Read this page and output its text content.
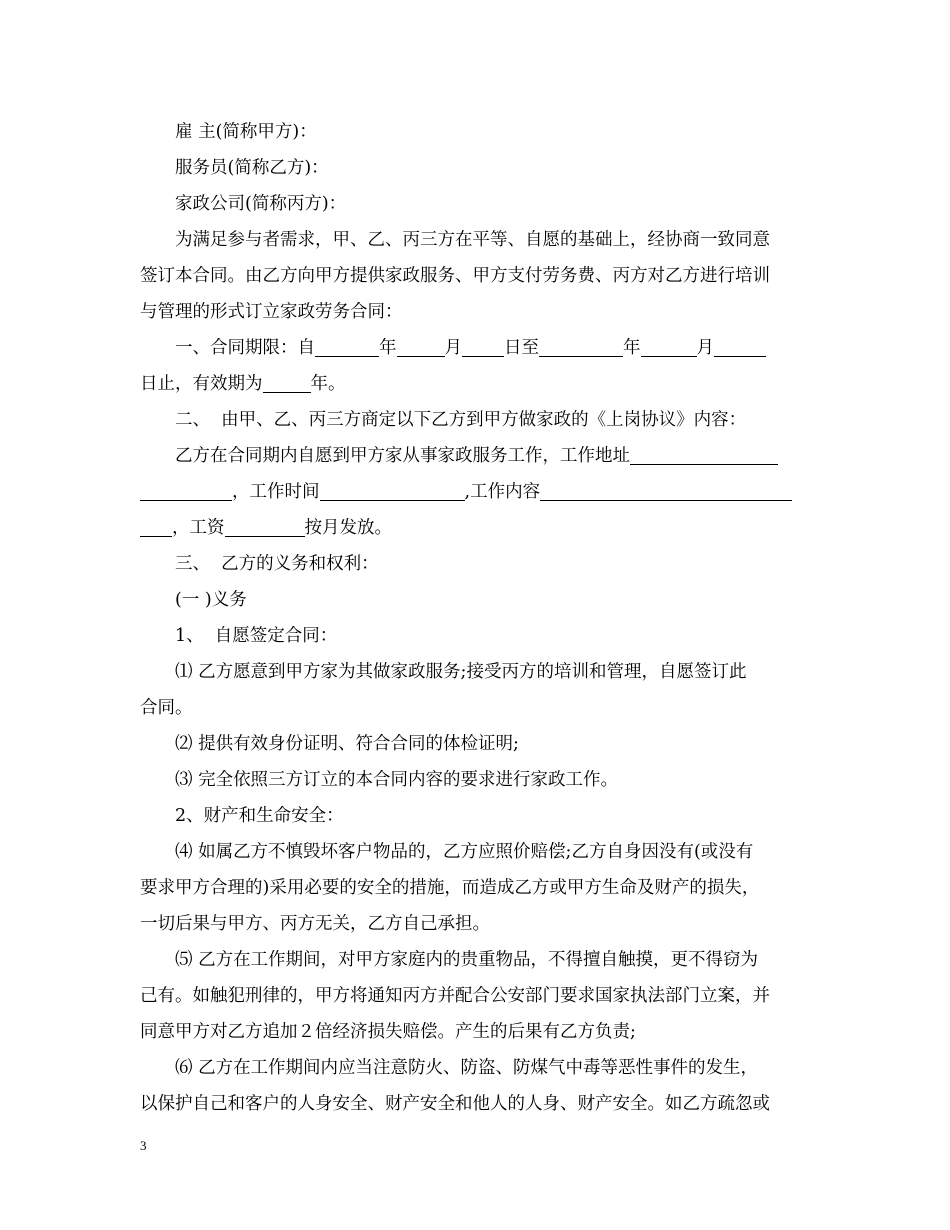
雇 主(简称甲方)：
服务员(简称乙方)：
家政公司(简称丙方)：
为满足参与者需求，甲、乙、丙三方在平等、自愿的基础上，经协商一致同意
签订本合同。由乙方向甲方提供家政服务、甲方支付劳务费、丙方对乙方进行培训
与管理的形式订立家政劳务合同：
一、合同期限：自	年	月 日至	年	月
日止，有效期为	年。
二、  由甲、乙、丙三方商定以下乙方到甲方做家政的《上岗协议》内容：
乙方在合同期内自愿到甲方家从事家政服务工作，工作地址
，工作时间	,工作内容
，工资	按月发放。
三、  乙方的义务和权利：
(一 )义务
1、  自愿签定合同：
⑴ 乙方愿意到甲方家为其做家政服务;接受丙方的培训和管理，自愿签订此
合同。
⑵ 提供有效身份证明、符合合同的体检证明;
⑶ 完全依照三方订立的本合同内容的要求进行家政工作。
2、财产和生命安全：
⑷ 如属乙方不慎毁坏客户物品的，乙方应照价赔偿;乙方自身因没有(或没有
要求甲方合理的)采用必要的安全的措施，而造成乙方或甲方生命及财产的损失，
一切后果与甲方、丙方无关，乙方自己承担。
⑸ 乙方在工作期间，对甲方家庭内的贵重物品，不得擅自触摸，更不得窃为
己有。如触犯刑律的，甲方将通知丙方并配合公安部门要求国家执法部门立案，并
同意甲方对乙方追加２倍经济损失赔偿。产生的后果有乙方负责;
⑹ 乙方在工作期间内应当注意防火、防盗、防煤气中毒等恶性事件的发生，
以保护自己和客户的人身安全、财产安全和他人的人身、财产安全。如乙方疏忽或
3
